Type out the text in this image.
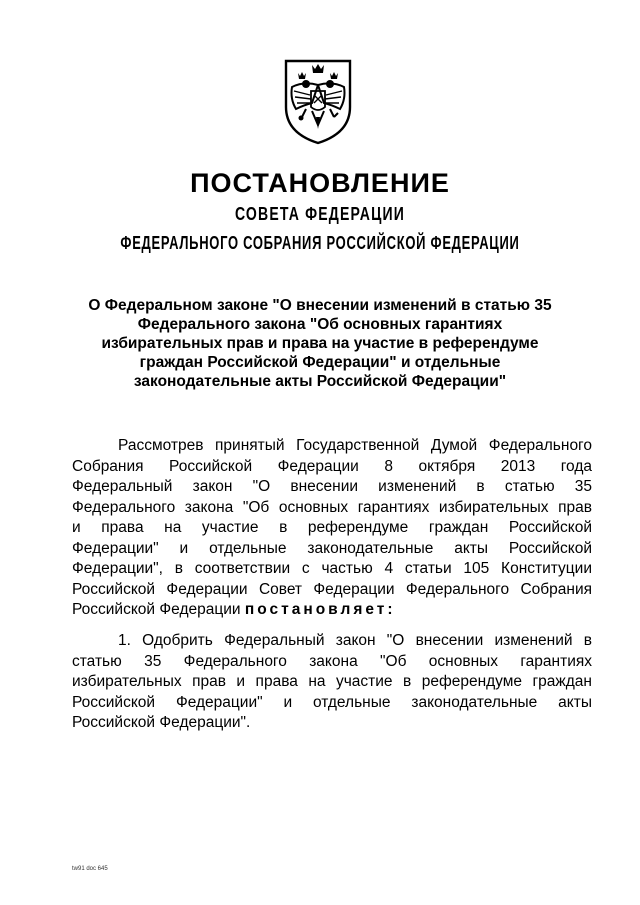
ПОСТАНОВЛЕНИЕ
СОВЕТА ФЕДЕРАЦИИ
ФЕДЕРАЛЬНОГО СОБРАНИЯ РОССИЙСКОЙ ФЕДЕРАЦИИ
О Федеральном законе "О внесении изменений в статью 35
Федерального закона "Об основных гарантиях
избирательных прав и права на участие в референдуме
граждан Российской Федерации" и отдельные
законодательные акты Российской Федерации"
Рассмотрев принятый Государственной Думой Федерального
Собрания Российской Федерации 8 октября 2013 года
Федеральный закон "О внесении изменений в статью 35
Федерального закона "Об основных гарантиях избирательных прав
и права на участие в референдуме граждан Российской
Федерации" и отдельные законодательные акты Российской
Федерации", в соответствии с частью 4 статьи 105 Конституции
Российской Федерации Совет Федерации Федерального Собрания
Российской Федерации постановляет:
1. Одобрить Федеральный закон "О внесении изменений в
статью 35 Федерального закона "Об основных гарантиях
избирательных прав и права на участие в референдуме граждан
Российской Федерации" и отдельные законодательные акты
Российской Федерации".
tw91 doc 645
